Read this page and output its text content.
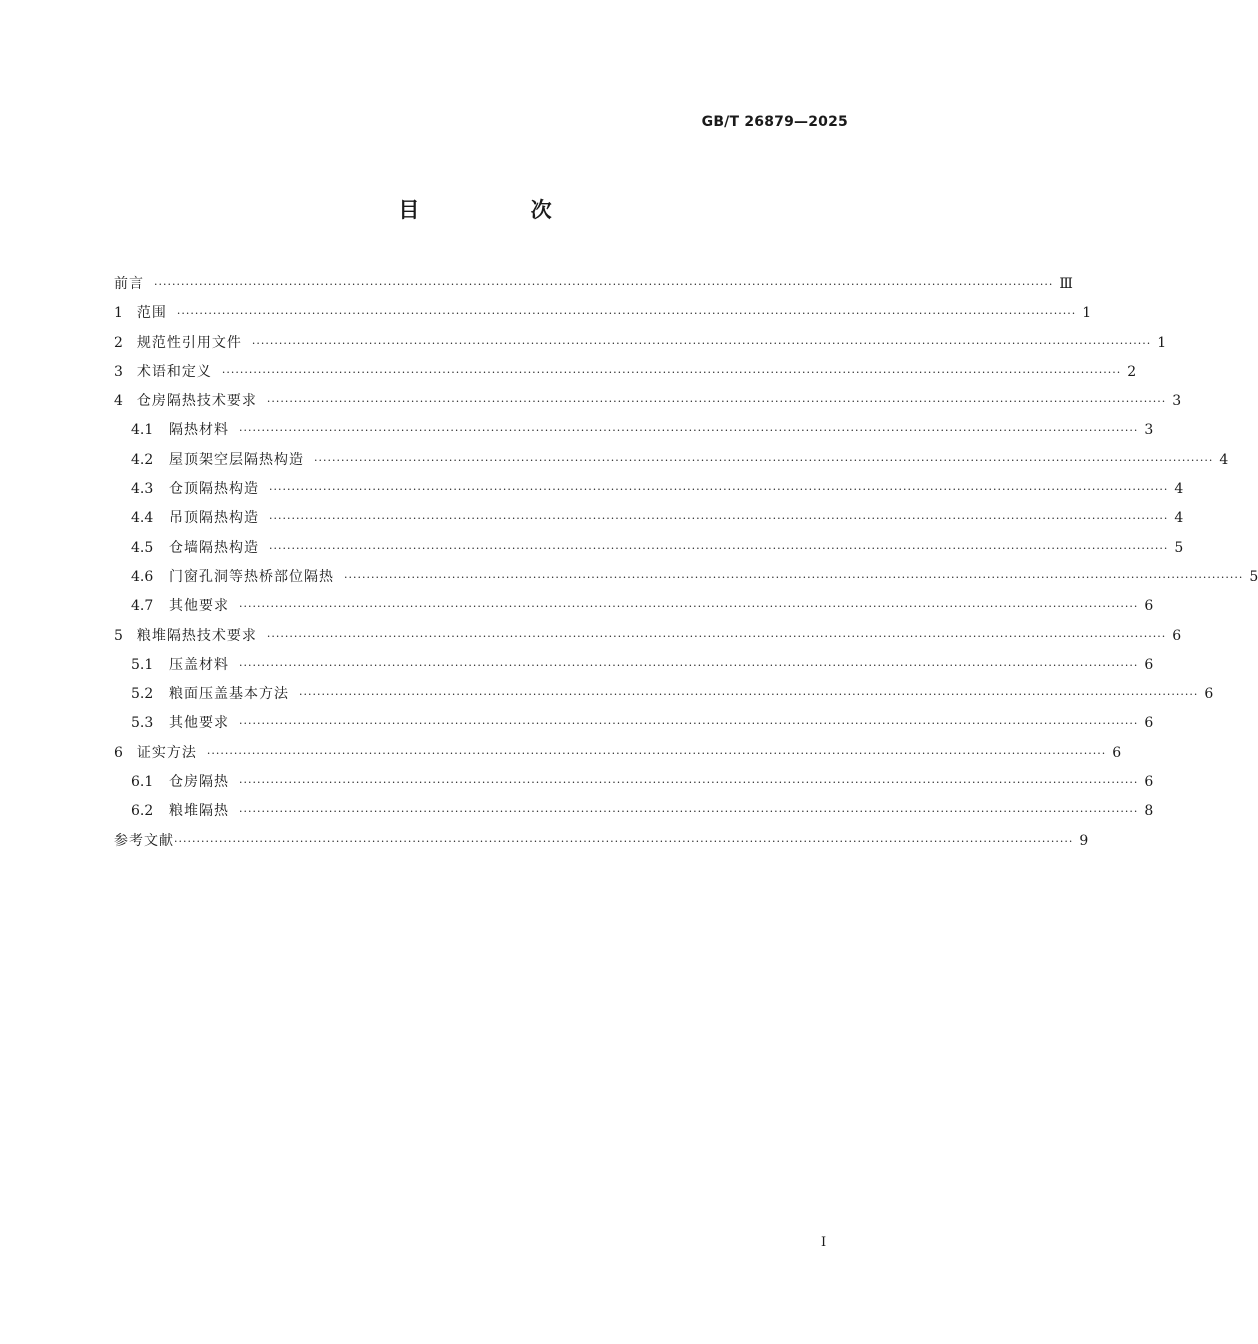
GB/T 26879—2025
目 次
前言 ········································································································································································································ Ⅲ
1 范围 ········································································································································································································ 1
2 规范性引用文件 ········································································································································································································ 1
3 术语和定义 ········································································································································································································ 2
4 仓房隔热技术要求 ········································································································································································································ 3
4.1 隔热材料 ········································································································································································································ 3
4.2 屋顶架空层隔热构造 ········································································································································································································ 4
4.3 仓顶隔热构造 ········································································································································································································ 4
4.4 吊顶隔热构造 ········································································································································································································ 4
4.5 仓墙隔热构造 ········································································································································································································ 5
4.6 门窗孔洞等热桥部位隔热 ········································································································································································································ 5
4.7 其他要求 ········································································································································································································ 6
5 粮堆隔热技术要求 ········································································································································································································ 6
5.1 压盖材料 ········································································································································································································ 6
5.2 粮面压盖基本方法 ········································································································································································································ 6
5.3 其他要求 ········································································································································································································ 6
6 证实方法 ········································································································································································································ 6
6.1 仓房隔热 ········································································································································································································ 6
6.2 粮堆隔热 ········································································································································································································ 8
参考文献 ········································································································································································································ 9
I
